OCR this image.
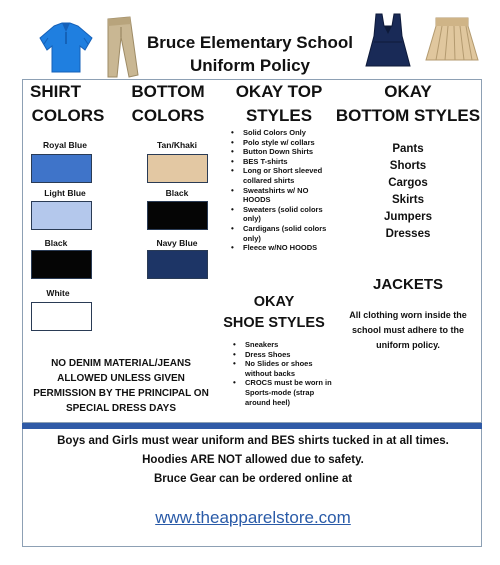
Bruce Elementary School
Uniform Policy
SHIRT
COLORS
BOTTOM
COLORS
OKAY TOP
STYLES
OKAY
BOTTOM STYLES
Royal Blue
Light Blue
Black
White
Tan/Khaki
Black
Navy Blue
• Solid Colors Only
• Polo style w/ collars
• Button Down Shirts
• BES T-shirts
• Long or Short sleeved collared shirts
• Sweatshirts w/ NO HOODS
• Sweaters (solid colors only)
• Cardigans (solid colors only)
• Fleece w/NO HOODS
Pants
Shorts
Cargos
Skirts
Jumpers
Dresses
OKAY
SHOE STYLES
• Sneakers
• Dress Shoes
• No Slides or shoes without backs
• CROCS must be worn in Sports-mode (strap around heel)
JACKETS
All clothing worn inside the school must adhere to the uniform policy.
NO DENIM MATERIAL/JEANS ALLOWED UNLESS GIVEN PERMISSION BY THE PRINCIPAL ON SPECIAL DRESS DAYS
Boys and Girls must wear uniform and BES shirts tucked in at all times.
Hoodies ARE NOT allowed due to safety.
Bruce Gear can be ordered online at
www.theapparelstore.com
